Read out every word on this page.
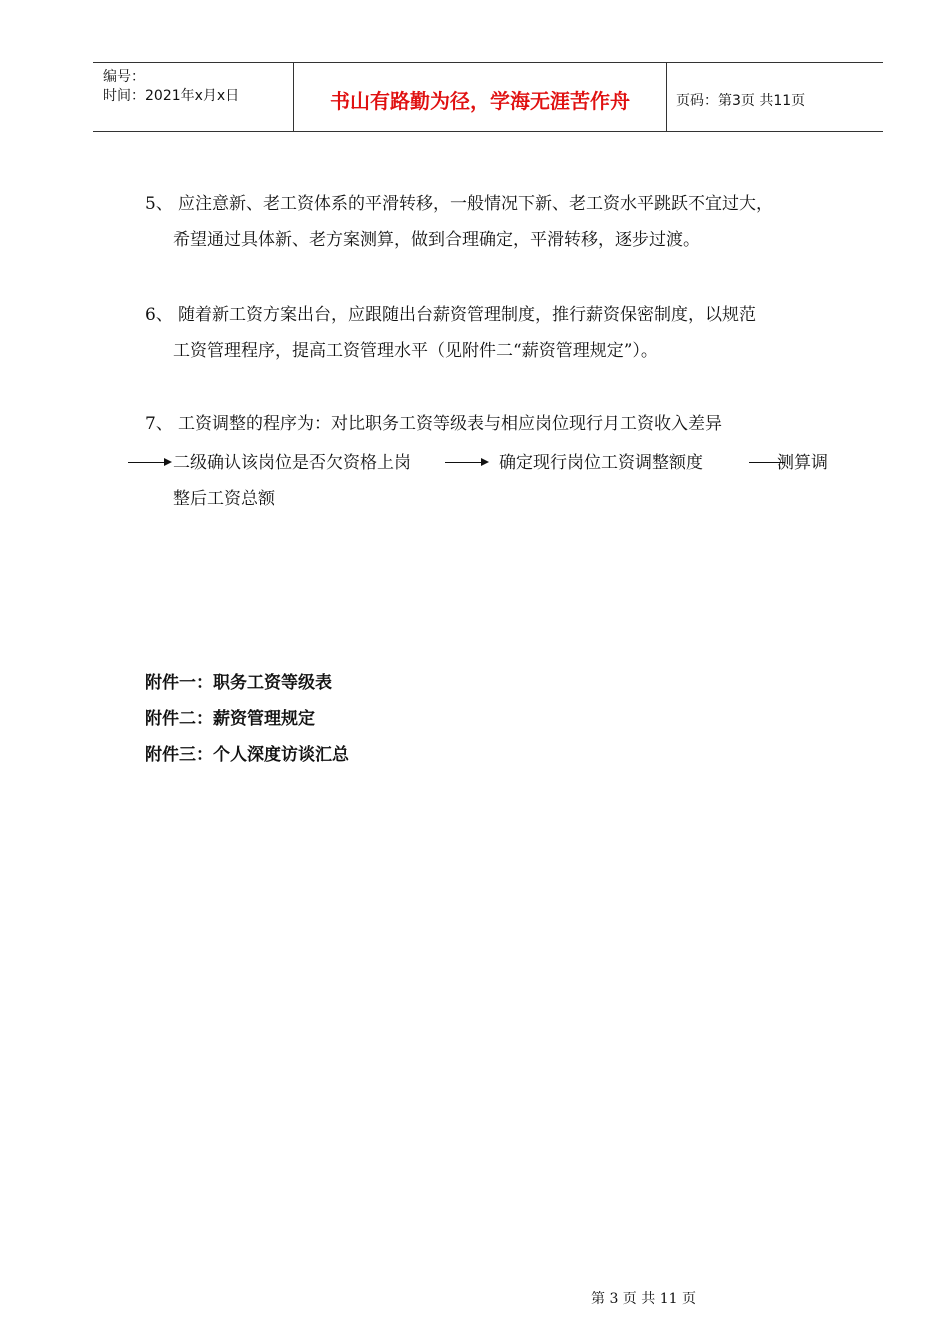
编号：
时间：2021年x月x日	书山有路勤为径，学海无涯苦作舟	页码：第3页 共11页
5、 应注意新、老工资体系的平滑转移，一般情况下新、老工资水平跳跃不宜过大，
希望通过具体新、老方案测算，做到合理确定，平滑转移，逐步过渡。
6、 随着新工资方案出台，应跟随出台薪资管理制度，推行薪资保密制度，以规范
工资管理程序，提高工资管理水平（见附件二“薪资管理规定”）。
7、 工资调整的程序为：对比职务工资等级表与相应岗位现行月工资收入差异
二级确认该岗位是否欠资格上岗	确定现行岗位工资调整额度	测算调
整后工资总额
附件一：职务工资等级表
附件二：薪资管理规定
附件三：个人深度访谈汇总
第 3 页 共 11 页
